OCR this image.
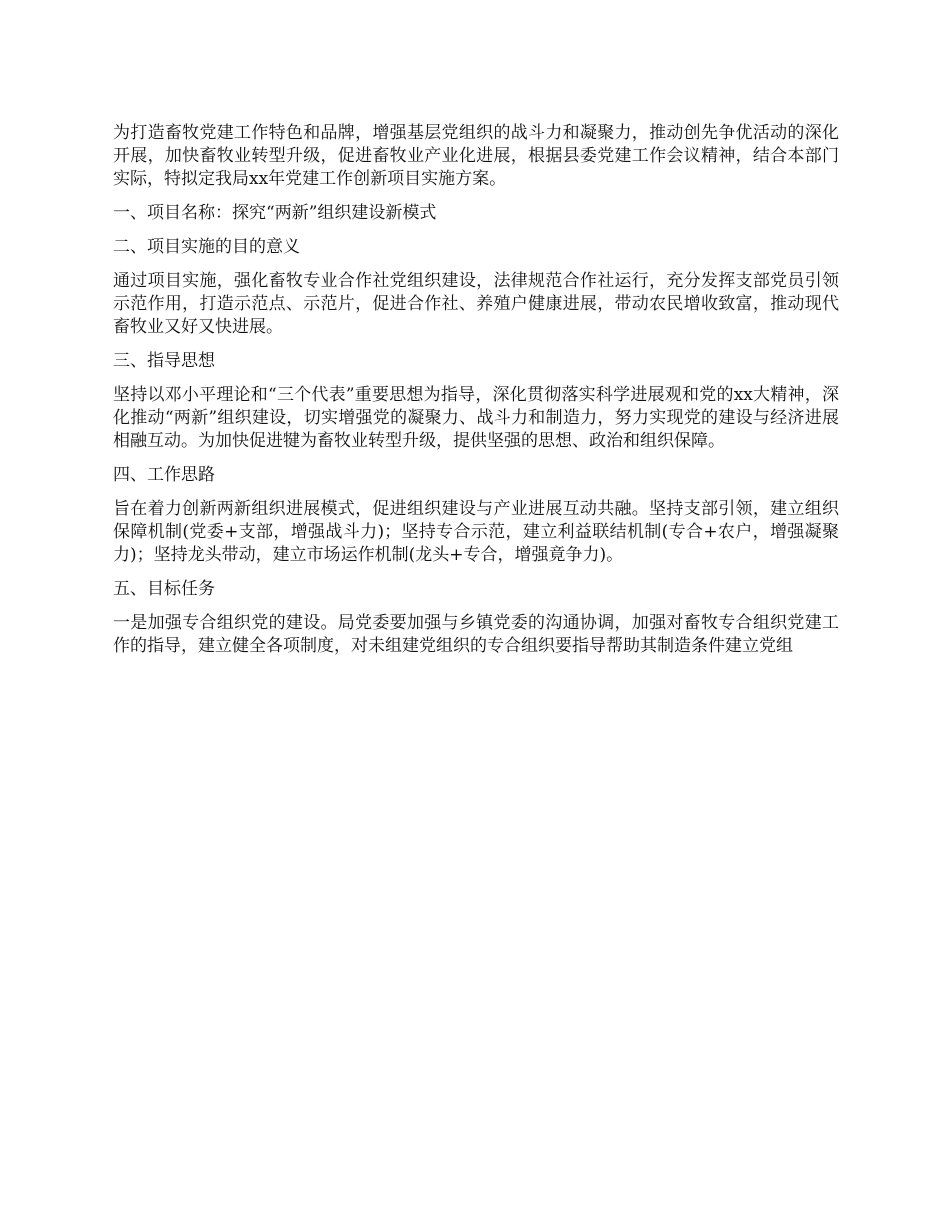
为打造畜牧党建工作特色和品牌，增强基层党组织的战斗力和凝聚力，推动创先争优活动的深化开展，加快畜牧业转型升级，促进畜牧业产业化进展，根据县委党建工作会议精神，结合本部门实际，特拟定我局xx年党建工作创新项目实施方案。

一、项目名称：探究“两新”组织建设新模式

二、项目实施的目的意义

通过项目实施，强化畜牧专业合作社党组织建设，法律规范合作社运行，充分发挥支部党员引领示范作用，打造示范点、示范片，促进合作社、养殖户健康进展，带动农民增收致富，推动现代畜牧业又好又快进展。

三、指导思想

坚持以邓小平理论和“三个代表”重要思想为指导，深化贯彻落实科学进展观和党的xx大精神，深化推动“两新”组织建设，切实增强党的凝聚力、战斗力和制造力，努力实现党的建设与经济进展相融互动。为加快促进犍为畜牧业转型升级，提供坚强的思想、政治和组织保障。

四、工作思路

旨在着力创新两新组织进展模式，促进组织建设与产业进展互动共融。坚持支部引领，建立组织保障机制(党委+支部，增强战斗力)；坚持专合示范，建立利益联结机制(专合+农户，增强凝聚力)；坚持龙头带动，建立市场运作机制(龙头+专合，增强竟争力)。

五、目标任务

一是加强专合组织党的建设。局党委要加强与乡镇党委的沟通协调，加强对畜牧专合组织党建工作的指导，建立健全各项制度，对未组建党组织的专合组织要指导帮助其制造条件建立党组
